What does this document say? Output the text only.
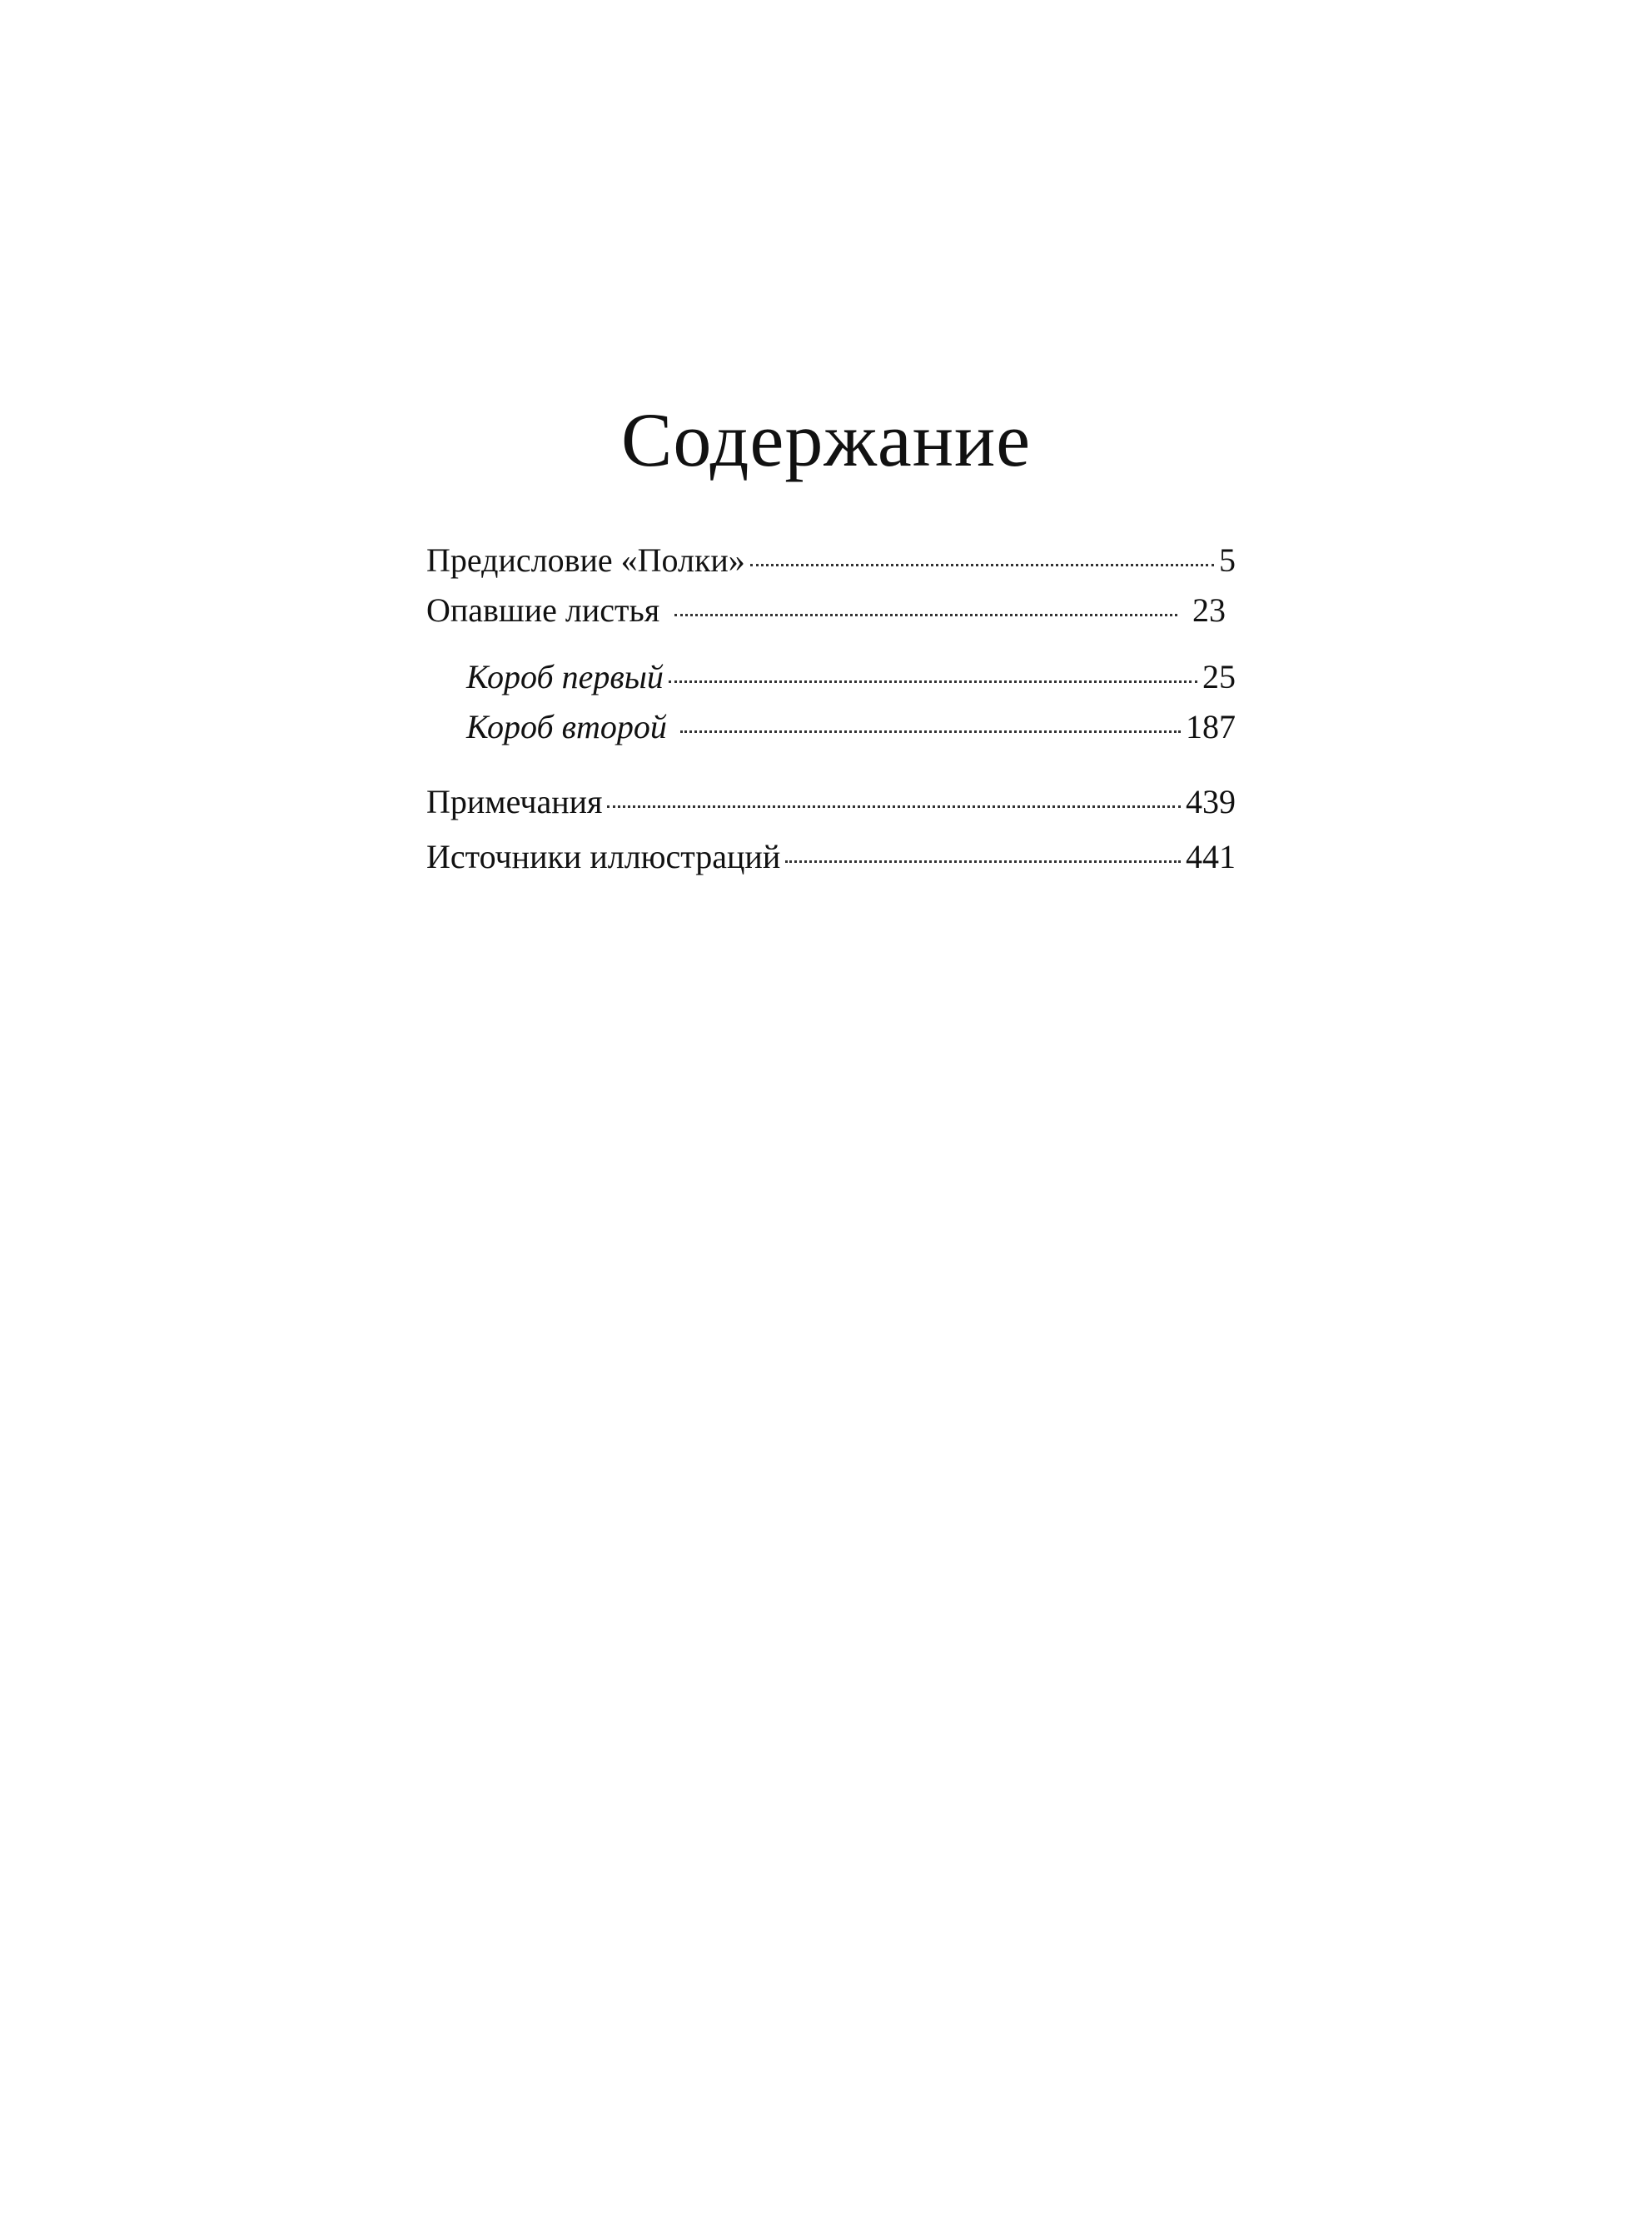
Содержание
Предисловие «Полки»	5
Опавшие листья	23
Короб первый	25
Короб второй	187
Примечания	439
Источники иллюстраций	441
